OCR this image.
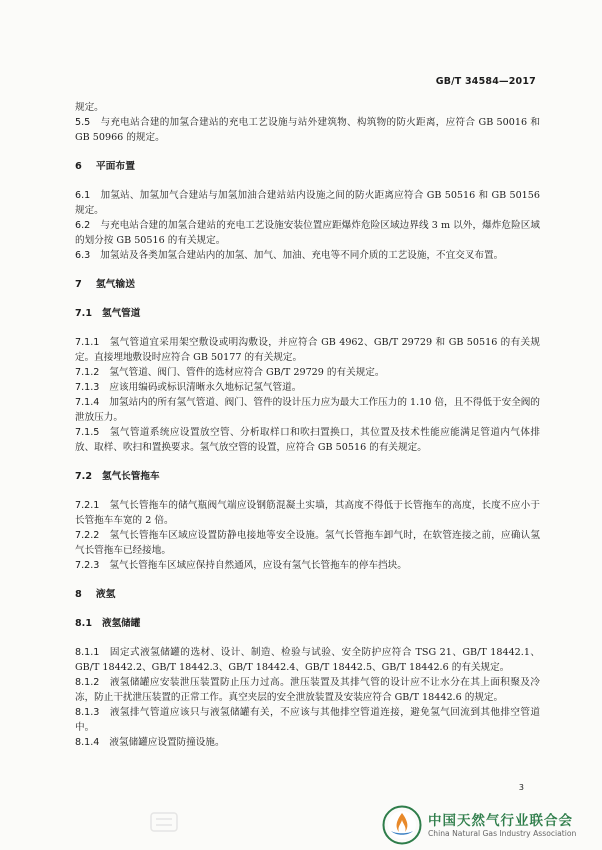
GB/T 34584—2017

规定。

5.5 与充电站合建的加氢合建站的充电工艺设施与站外建筑物、构筑物的防火距离，应符合 GB 50016 和 GB 50966 的规定。

6 平面布置

6.1 加氢站、加氢加气合建站与加氢加油合建站站内设施之间的防火距离应符合 GB 50516 和 GB 50156 规定。

6.2 与充电站合建的加氢合建站的充电工艺设施安装位置应距爆炸危险区域边界线 3 m 以外，爆炸危险区域的划分按 GB 50516 的有关规定。

6.3 加氢站及各类加氢合建站内的加氢、加气、加油、充电等不同介质的工艺设施，不宜交叉布置。

7 氢气输送

7.1 氢气管道

7.1.1 氢气管道宜采用架空敷设或明沟敷设，并应符合 GB 4962、GB/T 29729 和 GB 50516 的有关规定。直接埋地敷设时应符合 GB 50177 的有关规定。

7.1.2 氢气管道、阀门、管件的选材应符合 GB/T 29729 的有关规定。

7.1.3 应该用编码或标识清晰永久地标记氢气管道。

7.1.4 加氢站内的所有氢气管道、阀门、管件的设计压力应为最大工作压力的 1.10 倍，且不得低于安全阀的泄放压力。

7.1.5 氢气管道系统应设置放空管、分析取样口和吹扫置换口，其位置及技术性能应能满足管道内气体排放、取样、吹扫和置换要求。氢气放空管的设置，应符合 GB 50516 的有关规定。

7.2 氢气长管拖车

7.2.1 氢气长管拖车的储气瓶阀气端应设钢筋混凝土实墙，其高度不得低于长管拖车的高度，长度不应小于长管拖车车宽的 2 倍。

7.2.2 氢气长管拖车区域应设置防静电接地等安全设施。氢气长管拖车卸气时，在软管连接之前，应确认氢气长管拖车已经接地。

7.2.3 氢气长管拖车区域应保持自然通风，应设有氢气长管拖车的停车挡块。

8 液氢

8.1 液氢储罐

8.1.1 固定式液氢储罐的选材、设计、制造、检验与试验、安全防护应符合 TSG 21、GB/T 18442.1、GB/T 18442.2、GB/T 18442.3、GB/T 18442.4、GB/T 18442.5、GB/T 18442.6 的有关规定。

8.1.2 液氢储罐应安装泄压装置防止压力过高。泄压装置及其排气管的设计应不让水分在其上面积聚及冷冻，防止干扰泄压装置的正常工作。真空夹层的安全泄放装置及安装应符合 GB/T 18442.6 的规定。

8.1.3 液氢排气管道应该只与液氢储罐有关，不应该与其他排空管道连接，避免氢气回流到其他排空管道中。

8.1.4 液氢储罐应设置防撞设施。

3
中国天然气行业联合会
China Natural Gas Industry Association
